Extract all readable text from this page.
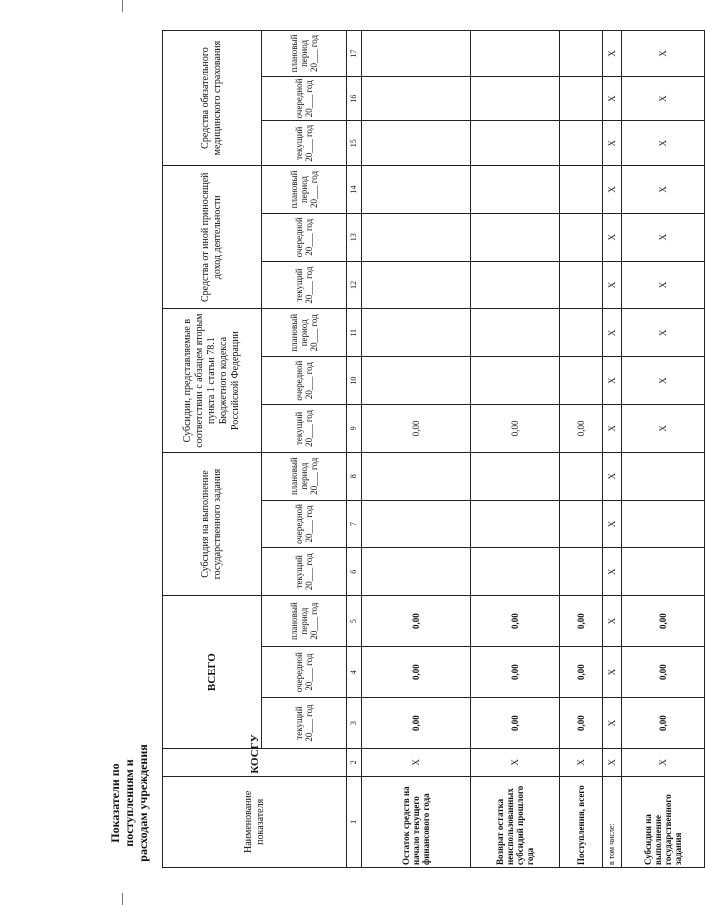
Показатели по поступлениям и расходам учреждения	Наименование показателя	КОСГУ	ВСЕГО			Субсидия на выполнение государственного задания			Субсидии, представляемые в соответствии с абзацем вторым пункта 1 статьи 78.1 Бюджетного кодекса Российской Федерации			Средства от иной приносящей доход деятельности			Средства обязательного медицинского страхования		
		текущий 20___ год	очередной 20___ год	плановый период 20___ год	текущий 20___ год	очередной 20___ год	плановый период 20___ год	текущий 20___ год	очередной 20___ год	плановый период 20___ год	текущий 20___ год	очередной 20___ год	плановый период 20___ год	текущий 20___ год	очередной 20___ год	плановый период 20___ год
1	2	3	4	5	6	7	8	9	10	11	12	13	14	15	16	17
Остаток средств на начало текущего финансового года	X	0,00	0,00	0,00				0,00								
Возврат остатка неиспользованных субсидий прошлого года	X	0,00	0,00	0,00				0,00								
Поступления, всего	X	0,00	0,00	0,00				0,00								
в том числе:	X	X	X	X	X	X	X	X	X	X	X	X	X	X	X	X
Субсидия на выполнение государственного задания	X	0,00	0,00	0,00				X	X	X	X	X	X	X	X	X
